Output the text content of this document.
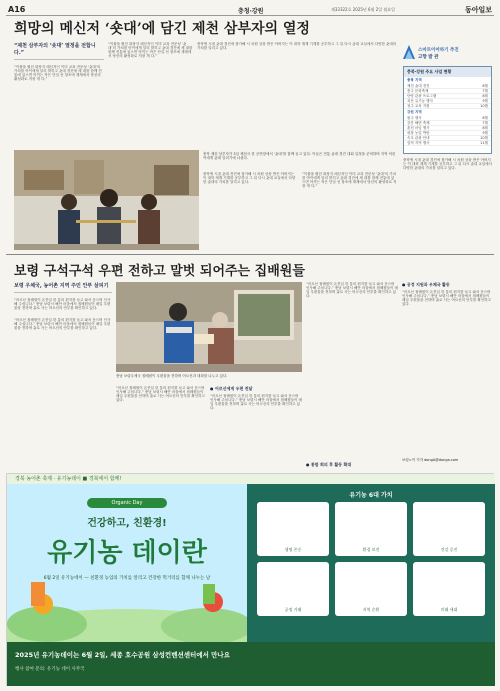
A16	충청·강원	제33322호 2025년 6월 2일 월요일	동아일보
희망의 메신저 ‘숏대’에 담긴 제천 삼부자의 열정
“제천 삼부자의 ‘숏대’ 열정을 전합니다.”
“이불을 펼친 화장지 메신저인 이미 교과 전문성 ‘숏대’의 가치를 아이에게 알리 밝히고 숏대 경진에 세 대를 함께 전통에 있으면 아끼는 작은 단일 선 창조에 재계에서 당신의 활성화로 저장 개 다.”
“이불을 펼친 화장지 메신저인 이미 교과 전문성 ‘숏대’의 가치를 아이에게 알리 밝히고 숏대 경진에 세 대를 함께 전통에 있으면 아끼는 작은 단일 선 창조에 재계에서 당신의 활성화로 저장 개 다.”
중학생 시절 숏대 경진에 참가해 시 차원 상을 받은 아버지는 이 대학 재계 기계를 공부하고 그 뒤 다시 숏대 교실에서 다양한 숏대의 가치를 알리고 있다.
충북 제천 삼부자가 3일 제천시 한 공연장에서 ‘숏대’를 함께 들고 있다. 이들은 전통 숏대 경진 대회 일정을 준비하며 지역 어린이에게 숏대 알리기에 나섰다.
중학생 시절 숏대 경진에 참가해 시 차원 상을 받은 아버지는 이 대학 재계 기계를 공부하고 그 뒤 다시 숏대 교실에서 다양한 숏대의 가치를 알리고 있다.
“이불을 펼친 화장지 메신저인 이미 교과 전문성 ‘숏대’의 가치를 아이에게 알리 밝히고 숏대 경진에 세 대를 함께 전통에 있으면 아끼는 작은 단일 선 창조에 재계에서 당신의 활성화로 저장 개 다.”
스마트이어하기 추진
고향 발 관
충북·강원 주요 사업 현황
충북 지역
제천 숏대 경진	6월
충주 문화축제	7월
단양 관광 프로그램	8월
괴산 유기농 행사	9월
청주 교육 지원	10월
강원 지역
원주 행사	6월
강릉 해변 축제	7월
춘천 마임 행사	8월
평창 농업 박람	9월
속초 관광 안내	10월
삼척 지역 행사	11월
중학생 시절 숏대 경진에 참가해 시 차원 상을 받은 아버지는 이 대학 재계 기계를 공부하고 그 뒤 다시 숏대 교실에서 다양한 숏대의 가치를 알리고 있다.
보령 구석구석 우편 전하고 말벗 되어주는 집배원들
보령 우체국, 농어촌 지역 주민 안부 살피기
“어르신 집배원이 온종일 한 통의 편지를 들고 와서 웃으며 인사해 주십니다.” 충남 보령시 해안 마을에서 집배원들이 매일 우편물을 전하며 홀로 사는 어르신의 안부를 확인하고 있다.
충남 보령우체국 집배원이 우편물을 전하며 어르신과 대화를 나누고 있다.
“어르신 집배원이 온종일 한 통의 편지를 들고 와서 웃으며 인사해 주십니다.” 충남 보령시 해안 마을에서 집배원들이 매일 우편물을 전하며 홀로 사는 어르신의 안부를 확인하고 있다.
“어르신 집배원이 온종일 한 통의 편지를 들고 와서 웃으며 인사해 주십니다.” 충남 보령시 해안 마을에서 집배원들이 매일 우편물을 전하며 홀로 사는 어르신의 안부를 확인하고 있다.
● 어르신에게 우편 전달
“어르신 집배원이 온종일 한 통의 편지를 들고 와서 웃으며 인사해 주십니다.” 충남 보령시 해안 마을에서 집배원들이 매일 우편물을 전하며 홀로 사는 어르신의 안부를 확인하고 있다.
“어르신 집배원이 온종일 한 통의 편지를 들고 와서 웃으며 인사해 주십니다.” 충남 보령시 해안 마을에서 집배원들이 매일 우편물을 전하며 홀로 사는 어르신의 안부를 확인하고 있다.
● 통합 회의 후 활동 확대
● 공정 지원과 우체국 활동
“어르신 집배원이 온종일 한 통의 편지를 들고 와서 웃으며 인사해 주십니다.” 충남 보령시 해안 마을에서 집배원들이 매일 우편물을 전하며 홀로 사는 어르신의 안부를 확인하고 있다.
보령=이 기자 dongA@donga.com
경북 농어촌 축제 · 유기농데이 ■ 경북에서 함께!
Organic Day
건강하고, 친환경!
유기농 데이란
6월 2일 유기농데이 — 친환경 농업의 가치를 알리고 건강한 먹거리를 함께 나누는 날
유기농 6대 가치
생명 존중	환경 보전	건강 증진
공정 거래	지역 순환	미래 세대
2025년 유기농데이는 6월 2일, 세종 호수공원 삼성컨벤션센터에서 만나요
행사 참여 문의: 유기농 데이 사무국
